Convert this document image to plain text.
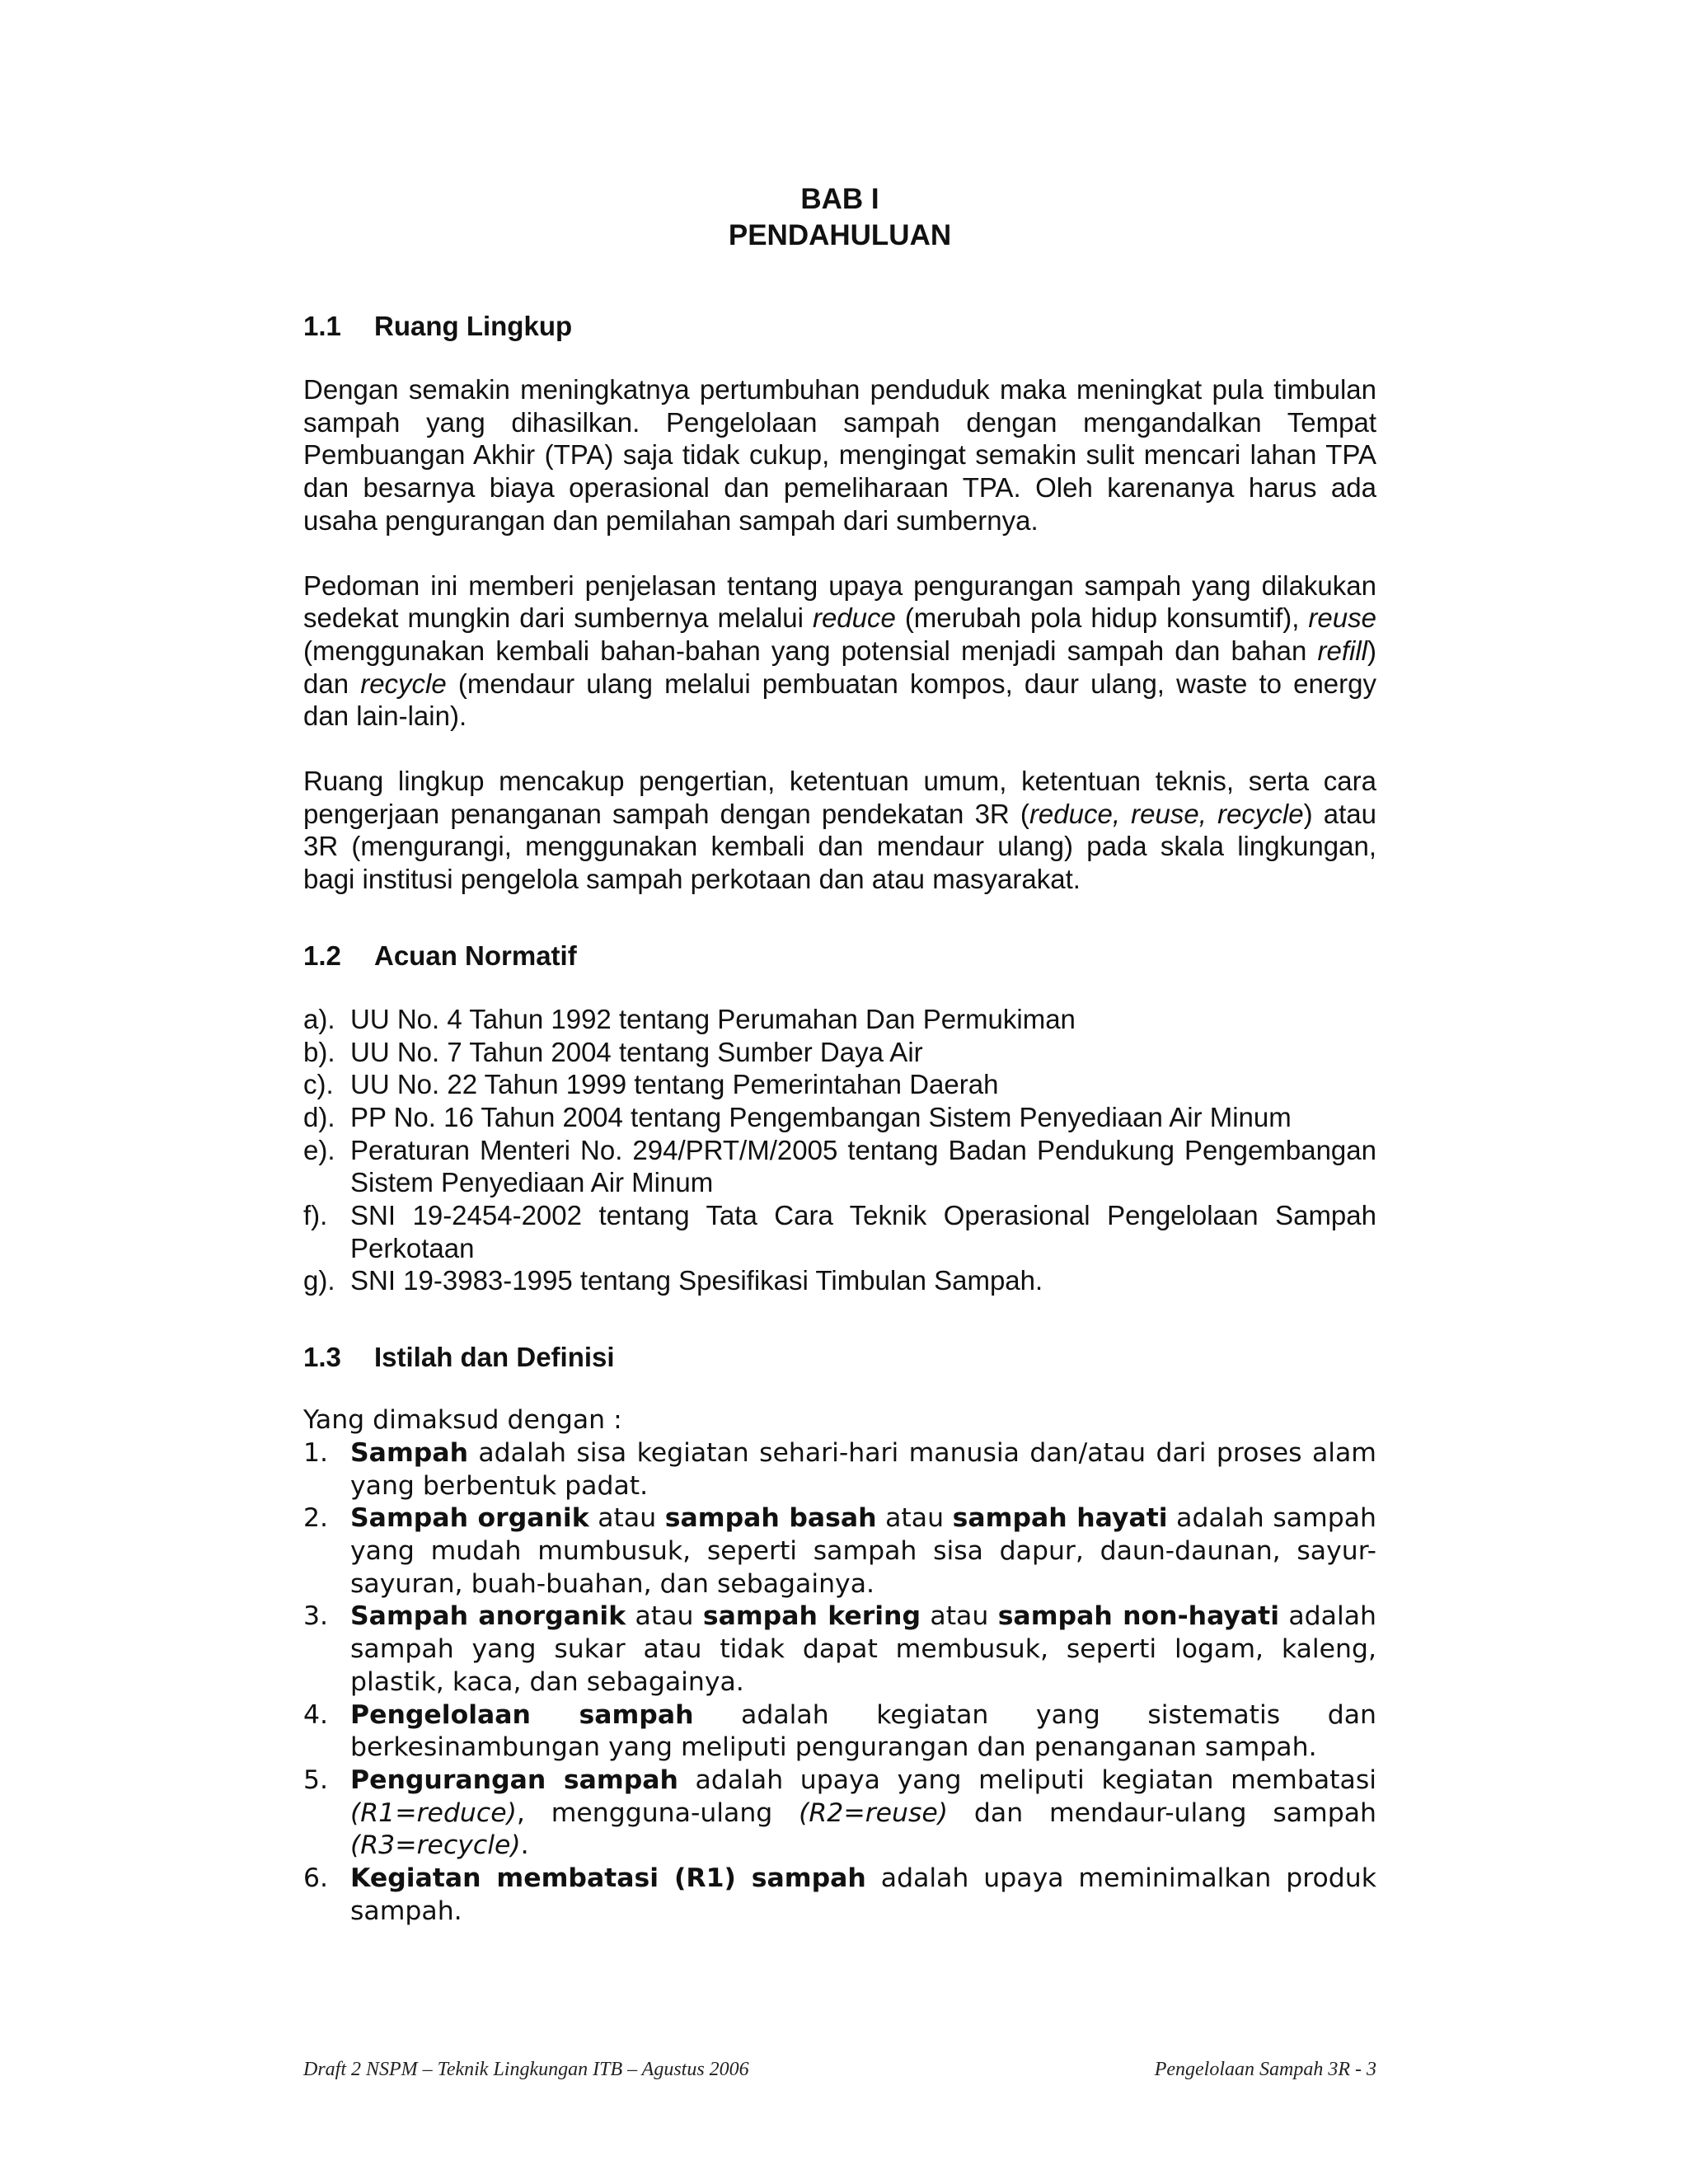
BAB I

PENDAHULUAN

1.1	Ruang Lingkup

Dengan semakin meningkatnya pertumbuhan penduduk maka meningkat pula timbulan sampah yang dihasilkan. Pengelolaan sampah dengan mengandalkan Tempat Pembuangan Akhir (TPA) saja tidak cukup, mengingat semakin sulit mencari lahan TPA dan besarnya biaya operasional dan pemeliharaan TPA. Oleh karenanya harus ada usaha pengurangan dan pemilahan sampah dari sumbernya.

Pedoman ini memberi penjelasan tentang upaya pengurangan sampah yang dilakukan sedekat mungkin dari sumbernya melalui reduce (merubah pola hidup konsumtif), reuse (menggunakan kembali bahan-bahan yang potensial menjadi sampah dan bahan refill) dan recycle (mendaur ulang melalui pembuatan kompos, daur ulang, waste to energy dan lain-lain).

Ruang lingkup mencakup pengertian, ketentuan umum, ketentuan teknis, serta cara pengerjaan penanganan sampah dengan pendekatan 3R (reduce, reuse, recycle) atau 3R (mengurangi, menggunakan kembali dan mendaur ulang) pada skala lingkungan, bagi institusi pengelola sampah perkotaan dan atau masyarakat.

1.2	Acuan Normatif
a). UU No. 4 Tahun 1992 tentang Perumahan Dan Permukiman
b). UU No. 7 Tahun 2004 tentang Sumber Daya Air
c). UU No. 22 Tahun 1999 tentang Pemerintahan Daerah
d). PP No. 16 Tahun 2004 tentang Pengembangan Sistem Penyediaan Air Minum
e). Peraturan Menteri No. 294/PRT/M/2005 tentang Badan Pendukung Pengembangan Sistem Penyediaan Air Minum
f). SNI 19-2454-2002 tentang Tata Cara Teknik Operasional Pengelolaan Sampah Perkotaan
g). SNI 19-3983-1995 tentang Spesifikasi Timbulan Sampah.
1.3	Istilah dan Definisi

Yang dimaksud dengan :

1. Sampah adalah sisa kegiatan sehari-hari manusia dan/atau dari proses alam yang berbentuk padat.
2. Sampah organik atau sampah basah atau sampah hayati adalah sampah yang mudah mumbusuk, seperti sampah sisa dapur, daun-daunan, sayur-sayuran, buah-buahan, dan sebagainya.
3. Sampah anorganik atau sampah kering atau sampah non-hayati adalah sampah yang sukar atau tidak dapat membusuk, seperti logam, kaleng, plastik, kaca, dan sebagainya.
4. Pengelolaan sampah adalah kegiatan yang sistematis dan berkesinambungan yang meliputi pengurangan dan penanganan sampah.
5. Pengurangan sampah adalah upaya yang meliputi kegiatan membatasi (R1=reduce), mengguna-ulang (R2=reuse) dan mendaur-ulang sampah (R3=recycle).
6. Kegiatan membatasi (R1) sampah adalah upaya meminimalkan produk sampah.
Draft 2 NSPM – Teknik Lingkungan ITB – Agustus 2006	Pengelolaan Sampah 3R - 3
